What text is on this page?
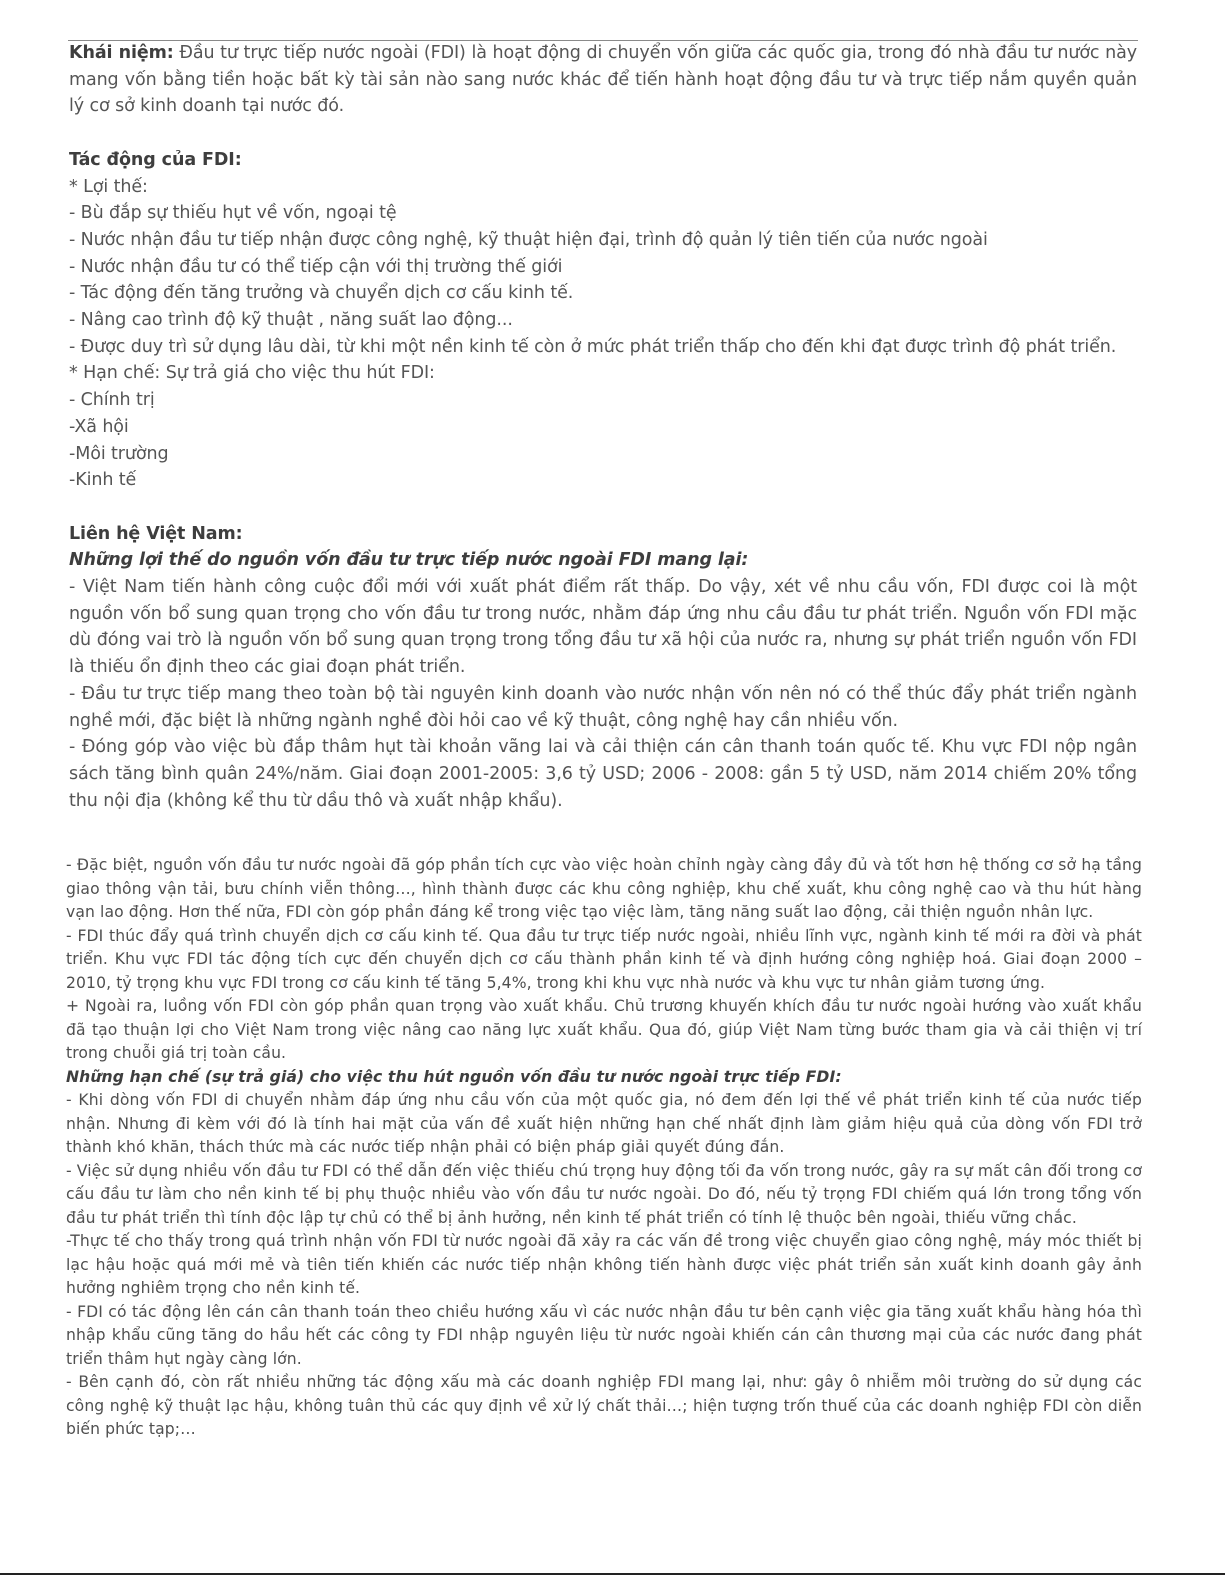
Khái niệm: Đầu tư trực tiếp nước ngoài (FDI) là hoạt động di chuyển vốn giữa các quốc gia, trong đó nhà đầu tư nước này mang vốn bằng tiền hoặc bất kỳ tài sản nào sang nước khác để tiến hành hoạt động đầu tư và trực tiếp nắm quyền quản lý cơ sở kinh doanh tại nước đó.

Tác động của FDI:

* Lợi thế:

- Bù đắp sự thiếu hụt về vốn, ngoại tệ

- Nước nhận đầu tư tiếp nhận được công nghệ, kỹ thuật hiện đại, trình độ quản lý tiên tiến của nước ngoài

- Nước nhận đầu tư có thể tiếp cận với thị trường thế giới

- Tác động đến tăng trưởng và chuyển dịch cơ cấu kinh tế.

- Nâng cao trình độ kỹ thuật , năng suất lao động...

- Được duy trì sử dụng lâu dài, từ khi một nền kinh tế còn ở mức phát triển thấp cho đến khi đạt được trình độ phát triển.

* Hạn chế: Sự trả giá cho việc thu hút FDI:

- Chính trị

-Xã hội

-Môi trường

-Kinh tế

Liên hệ Việt Nam:

Những lợi thế do nguồn vốn đầu tư trực tiếp nước ngoài FDI mang lại:

- Việt Nam tiến hành công cuộc đổi mới với xuất phát điểm rất thấp. Do vậy, xét về nhu cầu vốn, FDI được coi là một nguồn vốn bổ sung quan trọng cho vốn đầu tư trong nước, nhằm đáp ứng nhu cầu đầu tư phát triển. Nguồn vốn FDI mặc dù đóng vai trò là nguồn vốn bổ sung quan trọng trong tổng đầu tư xã hội của nước ra, nhưng sự phát triển nguồn vốn FDI là thiếu ổn định theo các giai đoạn phát triển.

- Đầu tư trực tiếp mang theo toàn bộ tài nguyên kinh doanh vào nước nhận vốn nên nó có thể thúc đẩy phát triển ngành nghề mới, đặc biệt là những ngành nghề đòi hỏi cao về kỹ thuật, công nghệ hay cần nhiều vốn.

- Đóng góp vào việc bù đắp thâm hụt tài khoản vãng lai và cải thiện cán cân thanh toán quốc tế. Khu vực FDI nộp ngân sách tăng bình quân 24%/năm. Giai đoạn 2001-2005: 3,6 tỷ USD; 2006 - 2008: gần 5 tỷ USD, năm 2014 chiếm 20% tổng thu nội địa (không kể thu từ dầu thô và xuất nhập khẩu).

- Đặc biệt, nguồn vốn đầu tư nước ngoài đã góp phần tích cực vào việc hoàn chỉnh ngày càng đầy đủ và tốt hơn hệ thống cơ sở hạ tầng giao thông vận tải, bưu chính viễn thông…, hình thành được các khu công nghiệp, khu chế xuất, khu công nghệ cao và thu hút hàng vạn lao động. Hơn thế nữa, FDI còn góp phần đáng kể trong việc tạo việc làm, tăng năng suất lao động, cải thiện nguồn nhân lực.

- FDI thúc đẩy quá trình chuyển dịch cơ cấu kinh tế. Qua đầu tư trực tiếp nước ngoài, nhiều lĩnh vực, ngành kinh tế mới ra đời và phát triển. Khu vực FDI tác động tích cực đến chuyển dịch cơ cấu thành phần kinh tế và định hướng công nghiệp hoá. Giai đoạn 2000 – 2010, tỷ trọng khu vực FDI trong cơ cấu kinh tế tăng 5,4%, trong khi khu vực nhà nước và khu vực tư nhân giảm tương ứng.

+ Ngoài ra, luồng vốn FDI còn góp phần quan trọng vào xuất khẩu. Chủ trương khuyến khích đầu tư nước ngoài hướng vào xuất khẩu đã tạo thuận lợi cho Việt Nam trong việc nâng cao năng lực xuất khẩu. Qua đó, giúp Việt Nam từng bước tham gia và cải thiện vị trí trong chuỗi giá trị toàn cầu.

Những hạn chế (sự trả giá) cho việc thu hút nguồn vốn đầu tư nước ngoài trực tiếp FDI:

- Khi dòng vốn FDI di chuyển nhằm đáp ứng nhu cầu vốn của một quốc gia, nó đem đến lợi thế về phát triển kinh tế của nước tiếp nhận. Nhưng đi kèm với đó là tính hai mặt của vấn đề xuất hiện những hạn chế nhất định làm giảm hiệu quả của dòng vốn FDI trở thành khó khăn, thách thức mà các nước tiếp nhận phải có biện pháp giải quyết đúng đắn.

- Việc sử dụng nhiều vốn đầu tư FDI có thể dẫn đến việc thiếu chú trọng huy động tối đa vốn trong nước, gây ra sự mất cân đối trong cơ cấu đầu tư làm cho nền kinh tế bị phụ thuộc nhiều vào vốn đầu tư nước ngoài. Do đó, nếu tỷ trọng FDI chiếm quá lớn trong tổng vốn đầu tư phát triển thì tính độc lập tự chủ có thể bị ảnh hưởng, nền kinh tế phát triển có tính lệ thuộc bên ngoài, thiếu vững chắc.

-Thực tế cho thấy trong quá trình nhận vốn FDI từ nước ngoài đã xảy ra các vấn đề trong việc chuyển giao công nghệ, máy móc thiết bị lạc hậu hoặc quá mới mẻ và tiên tiến khiến các nước tiếp nhận không tiến hành được việc phát triển sản xuất kinh doanh gây ảnh hưởng nghiêm trọng cho nền kinh tế.

- FDI có tác động lên cán cân thanh toán theo chiều hướng xấu vì các nước nhận đầu tư bên cạnh việc gia tăng xuất khẩu hàng hóa thì nhập khẩu cũng tăng do hầu hết các công ty FDI nhập nguyên liệu từ nước ngoài khiến cán cân thương mại của các nước đang phát triển thâm hụt ngày càng lớn.

- Bên cạnh đó, còn rất nhiều những tác động xấu mà các doanh nghiệp FDI mang lại, như: gây ô nhiễm môi trường do sử dụng các công nghệ kỹ thuật lạc hậu, không tuân thủ các quy định về xử lý chất thải…; hiện tượng trốn thuế của các doanh nghiệp FDI còn diễn biến phức tạp;…
